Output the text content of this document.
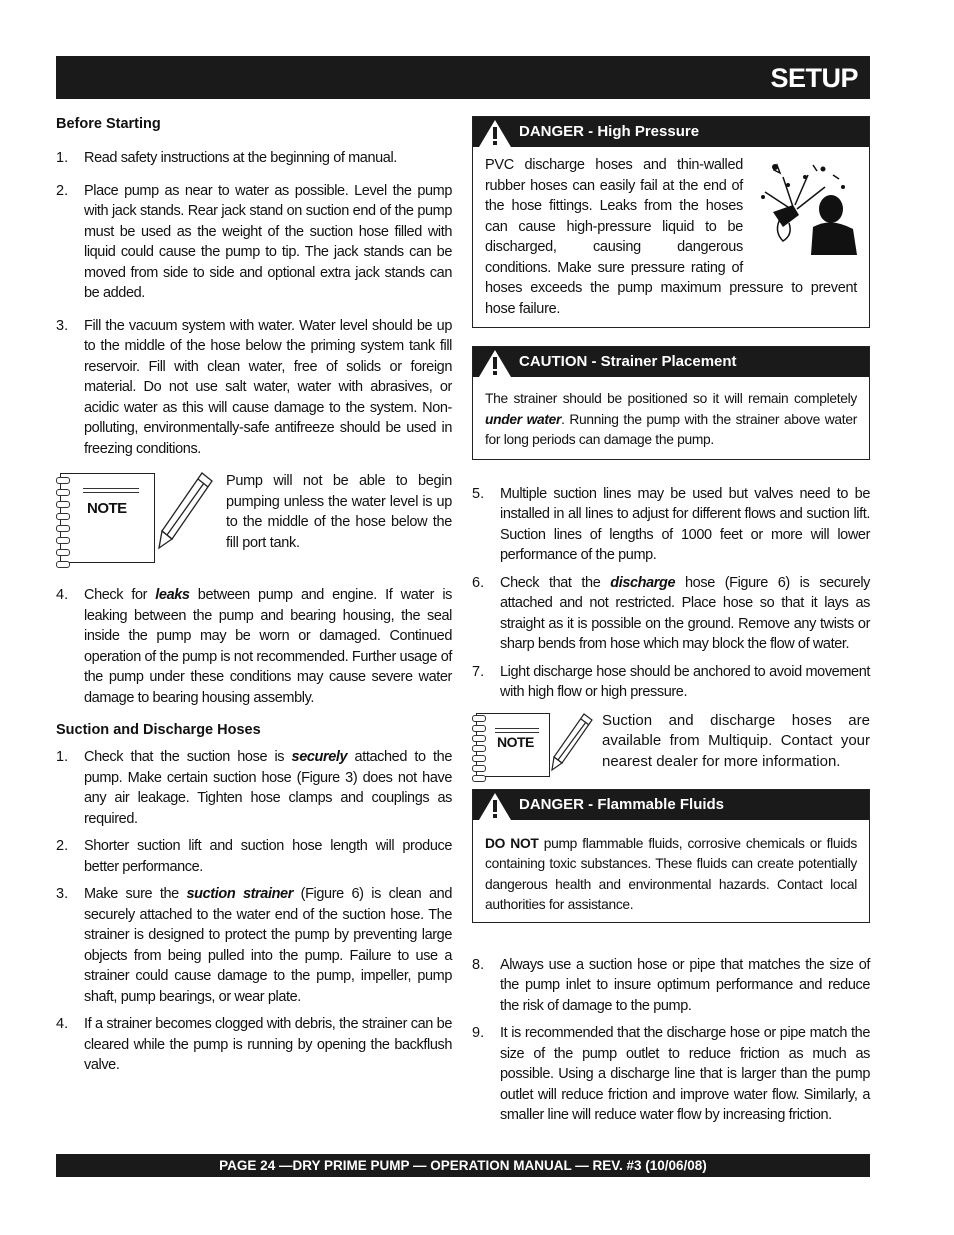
SETUP
Before Starting
1.	Read safety instructions at the beginning of manual.
2.	Place pump as near to water as possible. Level the pump with jack stands. Rear jack stand on suction end of the pump must be used as the weight of the suction hose filled with liquid could cause the pump to tip. The jack stands can be moved from side to side and optional extra jack stands can be added.
3.	Fill the vacuum system with water. Water level should be up to the middle of the hose below the priming system tank fill reservoir. Fill with clean water, free of solids or foreign material. Do not use salt water, water with abrasives, or acidic water as this will cause damage to the system. Non-polluting, environmentally-safe antifreeze should be used in freezing conditions.
NOTE
Pump will not be able to begin pumping unless the water level is up to the middle of the hose below the fill port tank.
4.	Check for leaks between pump and engine. If water is leaking between the pump and bearing housing, the seal inside the pump may be worn or damaged. Continued operation of the pump is not recommended. Further usage of the pump under these conditions may cause severe water damage to bearing housing assembly.
Suction and Discharge Hoses
1.	Check that the suction hose is securely attached to the pump. Make certain suction hose (Figure 3) does not have any air leakage. Tighten hose clamps and couplings as required.
2.	Shorter suction lift and suction hose length will produce better performance.
3.	Make sure the suction strainer (Figure 6) is clean and securely attached to the water end of the suction hose. The strainer is designed to protect the pump by preventing large objects from being pulled into the pump. Failure to use a strainer could cause damage to the pump, impeller, pump shaft, pump bearings, or wear plate.
4.	If a strainer becomes clogged with debris, the strainer can be cleared while the pump is running by opening the backflush valve.
DANGER - High Pressure
PVC discharge hoses and thin-walled rubber hoses can easily fail at the end of the hose fittings. Leaks from the hoses can cause high-pressure liquid to be discharged, causing dangerous conditions. Make sure pressure rating of hoses exceeds the pump maximum pressure to prevent hose failure.
CAUTION - Strainer Placement
The strainer should be positioned so it will remain completely under water. Running the pump with the strainer above water for long periods can damage the pump.
5.	Multiple suction lines may be used but valves need to be installed in all lines to adjust for different flows and suction lift. Suction lines of lengths of 1000 feet or more will lower performance of the pump.
6.	Check that the discharge hose (Figure 6) is securely attached and not restricted. Place hose so that it lays as straight as it is possible on the ground. Remove any twists or sharp bends from hose which may block the flow of water.
7.	Light discharge hose should be anchored to avoid movement with high flow or high pressure.
NOTE
Suction and discharge hoses are available from Multiquip. Contact your nearest dealer for more information.
DANGER - Flammable Fluids
DO NOT pump flammable fluids, corrosive chemicals or fluids containing toxic substances. These fluids can create potentially dangerous health and environmental hazards. Contact local authorities for assistance.
8.	Always use a suction hose or pipe that matches the size of the pump inlet to insure optimum performance and reduce the risk of damage to the pump.
9.	It is recommended that the discharge hose or pipe match the size of the pump outlet to reduce friction as much as possible. Using a discharge line that is larger than the pump outlet will reduce friction and improve water flow. Similarly, a smaller line will reduce water flow by increasing friction.
PAGE 24 —DRY PRIME PUMP — OPERATION MANUAL — REV. #3 (10/06/08)
